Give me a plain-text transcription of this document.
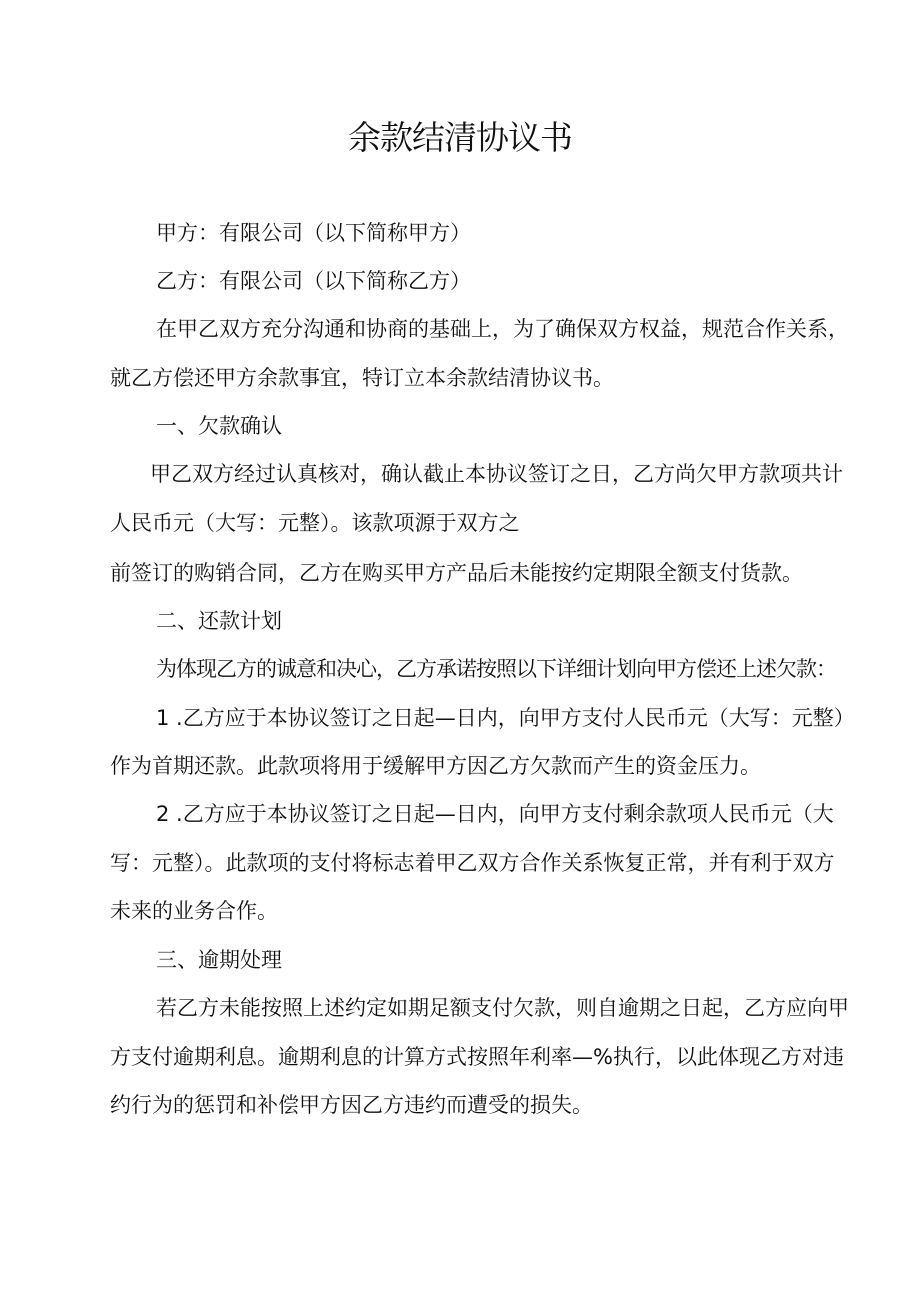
余款结清协议书

甲方：有限公司（以下简称甲方）

乙方：有限公司（以下简称乙方）

在甲乙双方充分沟通和协商的基础上，为了确保双方权益，规范合作关系，

就乙方偿还甲方余款事宜，特订立本余款结清协议书。

一、欠款确认

甲乙双方经过认真核对，确认截止本协议签订之日，乙方尚欠甲方款项共计

人民币元（大写：元整）。该款项源于双方之

前签订的购销合同，乙方在购买甲方产品后未能按约定期限全额支付货款。

二、还款计划

为体现乙方的诚意和决心，乙方承诺按照以下详细计划向甲方偿还上述欠款：

1 .乙方应于本协议签订之日起—日内，向甲方支付人民币元（大写：元整）

作为首期还款。此款项将用于缓解甲方因乙方欠款而产生的资金压力。

2 .乙方应于本协议签订之日起—日内，向甲方支付剩余款项人民币元（大

写：元整）。此款项的支付将标志着甲乙双方合作关系恢复正常，并有利于双方

未来的业务合作。

三、逾期处理

若乙方未能按照上述约定如期足额支付欠款，则自逾期之日起，乙方应向甲

方支付逾期利息。逾期利息的计算方式按照年利率—%执行，以此体现乙方对违

约行为的惩罚和补偿甲方因乙方违约而遭受的损失。
